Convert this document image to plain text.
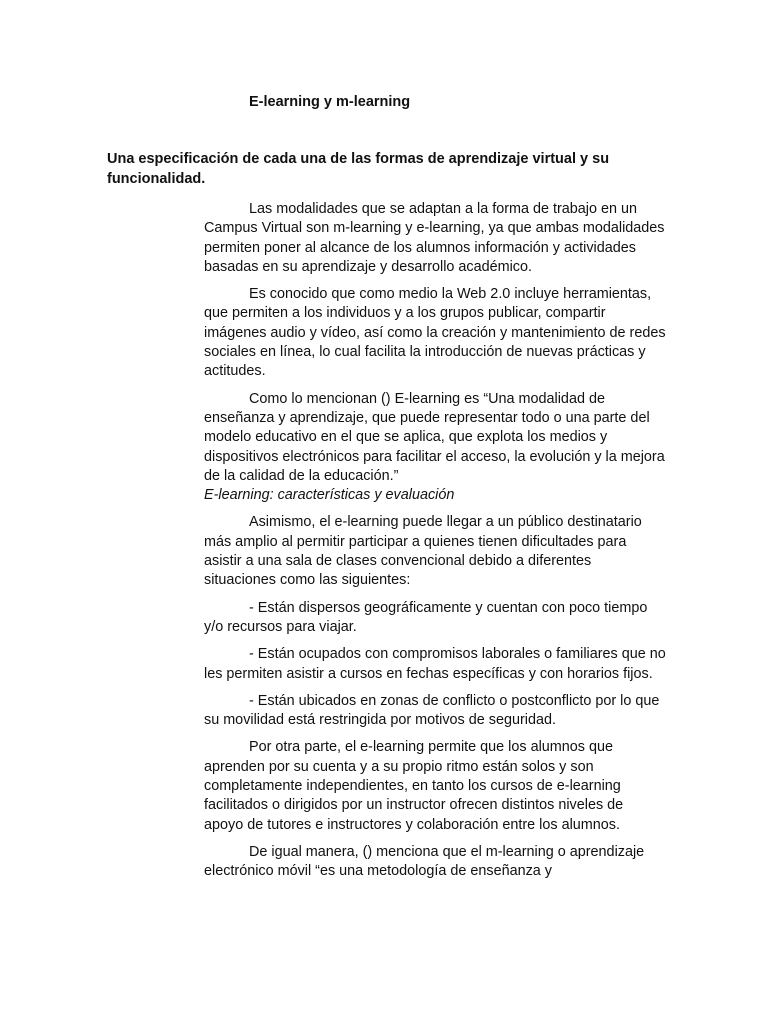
E-learning y m-learning
Una especificación de cada una de las formas de aprendizaje virtual y su funcionalidad.

Las modalidades que se adaptan a la forma de trabajo en un Campus Virtual son m-learning y e-learning, ya que ambas modalidades permiten poner al alcance de los alumnos información y actividades basadas en su aprendizaje y desarrollo académico.

Es conocido que como medio la Web 2.0 incluye herramientas, que permiten a los individuos y a los grupos publicar, compartir imágenes audio y vídeo, así como la creación y mantenimiento de redes sociales en línea, lo cual facilita la introducción de nuevas prácticas y actitudes.

Como lo mencionan () E-learning es “Una modalidad de enseñanza y aprendizaje, que puede representar todo o una parte del modelo educativo en el que se aplica, que explota los medios y dispositivos electrónicos para facilitar el acceso, la evolución y la mejora de la calidad de la educación.”

E-learning: características y evaluación

Asimismo, el e-learning puede llegar a un público destinatario más amplio al permitir participar a quienes tienen dificultades para asistir a una sala de clases convencional debido a diferentes situaciones como las siguientes:

- Están dispersos geográficamente y cuentan con poco tiempo y/o recursos para viajar.

- Están ocupados con compromisos laborales o familiares que no les permiten asistir a cursos en fechas específicas y con horarios fijos.

- Están ubicados en zonas de conflicto o postconflicto por lo que su movilidad está restringida por motivos de seguridad.

Por otra parte, el e-learning permite que los alumnos que aprenden por su cuenta y a su propio ritmo están solos y son completamente independientes, en tanto los cursos de e-learning facilitados o dirigidos por un instructor ofrecen distintos niveles de apoyo de tutores e instructores y colaboración entre los alumnos.

De igual manera, () menciona que el m-learning o aprendizaje electrónico móvil “es una metodología de enseñanza y
